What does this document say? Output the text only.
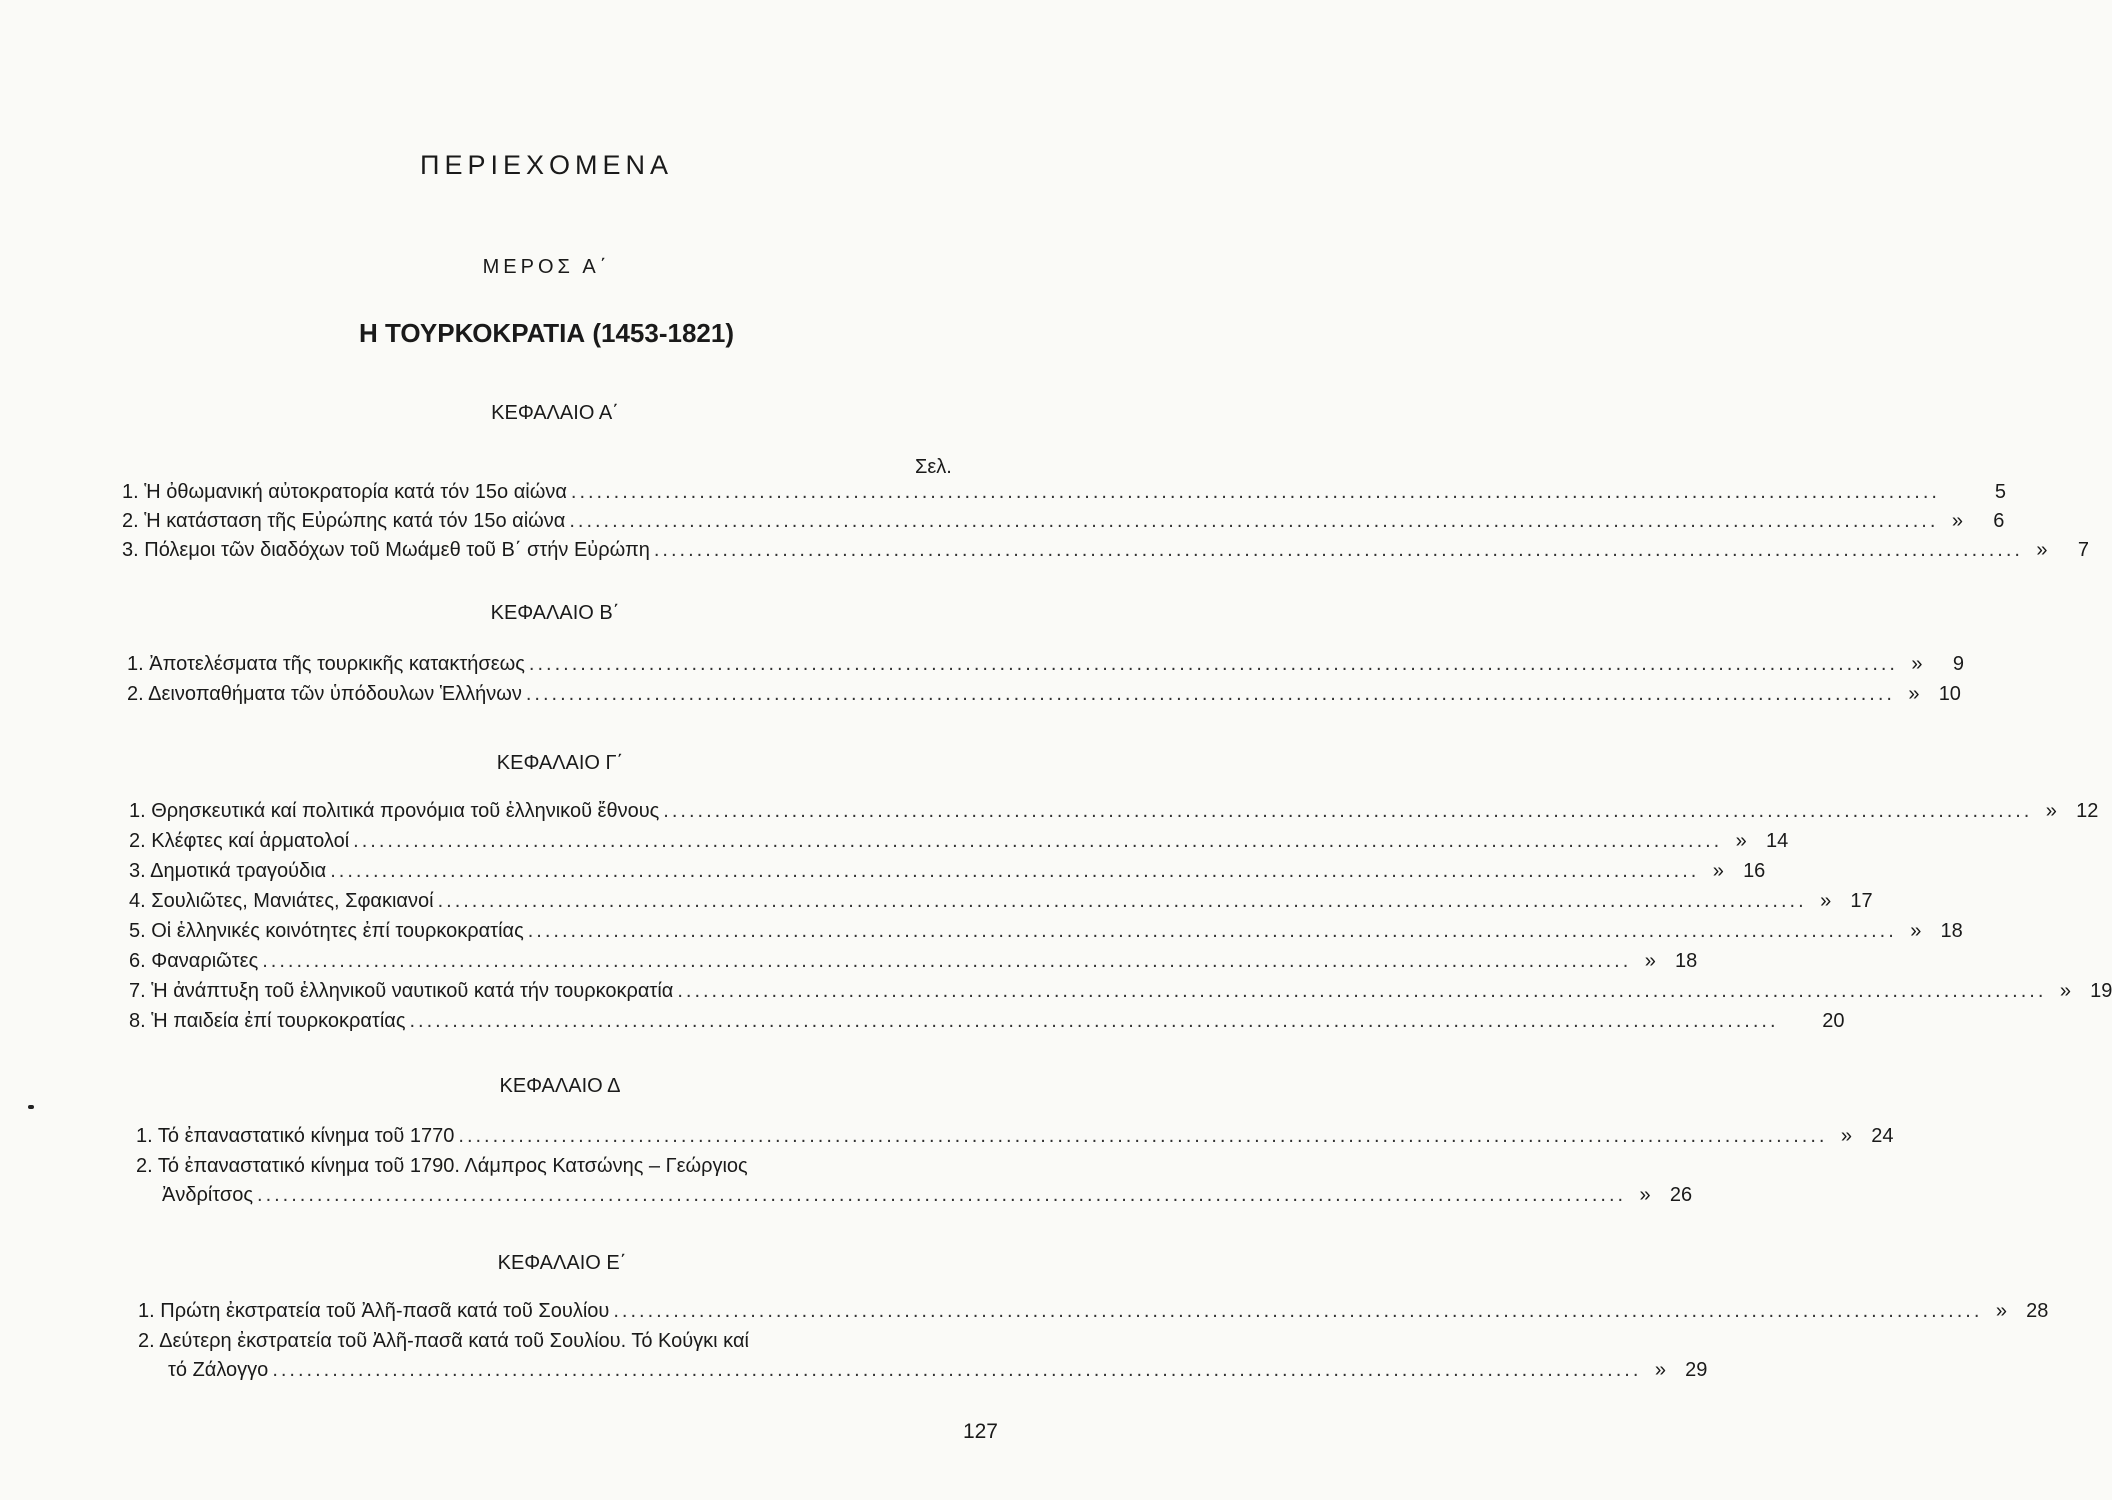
ΠΕΡΙΕΧΟΜΕΝΑ
ΜΕΡΟΣ Α΄
Η ΤΟΥΡΚΟΚΡΑΤΙΑ (1453-1821)
ΚΕΦΑΛΑΙΟ Α΄
Σελ.
1. Ἡ ὀθωμανική αὐτοκρατορία κατά τόν 15ο αἰώνα ................................................................................................................................................................	5
2. Ἡ κατάσταση τῆς Εὐρώπης κατά τόν 15ο αἰώνα ................................................................................................................................................................ »	6
3. Πόλεμοι τῶν διαδόχων τοῦ Μωάμεθ τοῦ Β΄ στήν Εὐρώπη ................................................................................................................................................................ »	7
ΚΕΦΑΛΑΙΟ Β΄
1. Ἀποτελέσματα τῆς τουρκικῆς κατακτήσεως ................................................................................................................................................................ »	9
2. Δεινοπαθήματα τῶν ὑπόδουλων Ἑλλήνων ................................................................................................................................................................ » 10
ΚΕΦΑΛΑΙΟ Γ΄
1. Θρησκευτικά καί πολιτικά προνόμια τοῦ ἑλληνικοῦ ἔθνους ................................................................................................................................................................ » 12
2. Κλέφτες καί ἁρματολοί ................................................................................................................................................................ » 14
3. Δημοτικά τραγούδια ................................................................................................................................................................ » 16
4. Σουλιῶτες, Μανιάτες, Σφακιανοί ................................................................................................................................................................ » 17
5. Οἱ ἑλληνικές κοινότητες ἐπί τουρκοκρατίας ................................................................................................................................................................ » 18
6. Φαναριῶτες ................................................................................................................................................................ » 18
7. Ἡ ἀνάπτυξη τοῦ ἑλληνικοῦ ναυτικοῦ κατά τήν τουρκοκρατία ................................................................................................................................................................ » 19
8. Ἡ παιδεία ἐπί τουρκοκρατίας ................................................................................................................................................................	20
ΚΕΦΑΛΑΙΟ Δ
1. Τό ἐπαναστατικό κίνημα τοῦ 1770 ................................................................................................................................................................ » 24
2. Τό ἐπαναστατικό κίνημα τοῦ 1790. Λάμπρος Κατσώνης – Γεώργιος
Ἀνδρίτσος ................................................................................................................................................................ » 26
ΚΕΦΑΛΑΙΟ Ε΄
1. Πρώτη ἐκστρατεία τοῦ Ἀλῆ-πασᾶ κατά τοῦ Σουλίου ................................................................................................................................................................ » 28
2. Δεύτερη ἐκστρατεία τοῦ Ἀλῆ-πασᾶ κατά τοῦ Σουλίου. Τό Κούγκι καί
τό Ζάλογγο ................................................................................................................................................................ » 29
127
